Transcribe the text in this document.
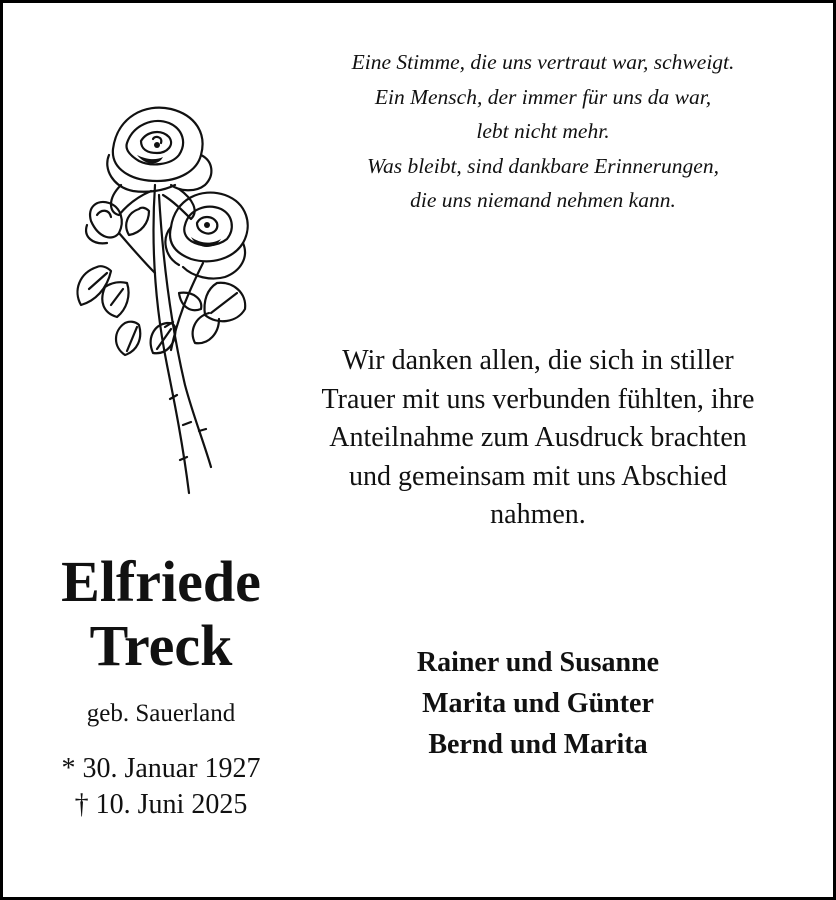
Eine Stimme, die uns vertraut war, schweigt.
Ein Mensch, der immer für uns da war,
lebt nicht mehr.
Was bleibt, sind dankbare Erinnerungen,
die uns niemand nehmen kann.
Wir danken allen, die sich in stiller
Trauer mit uns verbunden fühlten, ihre
Anteilnahme zum Ausdruck brachten
und gemeinsam mit uns Abschied
nahmen.
Elfriede
Treck
geb. Sauerland
* 30. Januar 1927
† 10. Juni 2025
Rainer und Susanne
Marita und Günter
Bernd und Marita
